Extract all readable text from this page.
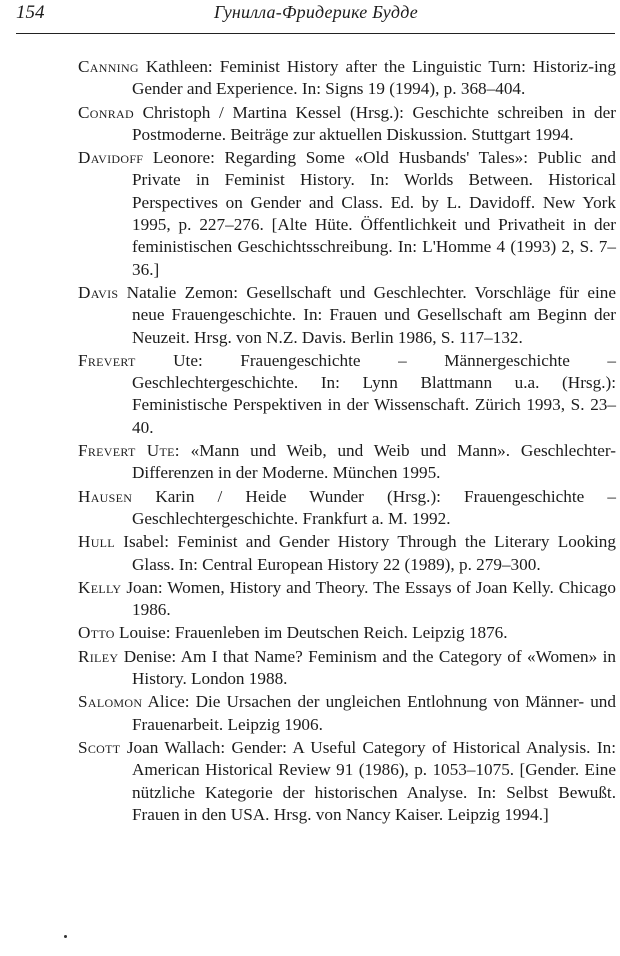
154	Гунилла-Фридерике Будде
Canning Kathleen: Feminist History after the Linguistic Turn: Historiz-ing Gender and Experience. In: Signs 19 (1994), p. 368–404.
Conrad Christoph / Martina Kessel (Hrsg.): Geschichte schreiben in der Postmoderne. Beiträge zur aktuellen Diskussion. Stuttgart 1994.
Davidoff Leonore: Regarding Some «Old Husbands' Tales»: Public and Private in Feminist History. In: Worlds Between. Historical Perspectives on Gender and Class. Ed. by L. Davidoff. New York 1995, p. 227–276. [Alte Hüte. Öffentlichkeit und Privatheit in der feministischen Geschichtsschreibung. In: L'Homme 4 (1993) 2, S. 7–36.]
Davis Natalie Zemon: Gesellschaft und Geschlechter. Vorschläge für eine neue Frauengeschichte. In: Frauen und Gesellschaft am Beginn der Neuzeit. Hrsg. von N.Z. Davis. Berlin 1986, S. 117–132.
Frevert Ute: Frauengeschichte – Männergeschichte – Geschlechtergeschichte. In: Lynn Blattmann u.a. (Hrsg.): Feministische Perspektiven in der Wissenschaft. Zürich 1993, S. 23–40.
Frevert Ute: «Mann und Weib, und Weib und Mann». Geschlechter-Differenzen in der Moderne. München 1995.
Hausen Karin / Heide Wunder (Hrsg.): Frauengeschichte – Geschlechtergeschichte. Frankfurt a. M. 1992.
Hull Isabel: Feminist and Gender History Through the Literary Looking Glass. In: Central European History 22 (1989), p. 279–300.
Kelly Joan: Women, History and Theory. The Essays of Joan Kelly. Chicago 1986.
Otto Louise: Frauenleben im Deutschen Reich. Leipzig 1876.
Riley Denise: Am I that Name? Feminism and the Category of «Women» in History. London 1988.
Salomon Alice: Die Ursachen der ungleichen Entlohnung von Männer- und Frauenarbeit. Leipzig 1906.
Scott Joan Wallach: Gender: A Useful Category of Historical Analysis. In: American Historical Review 91 (1986), p. 1053–1075. [Gender. Eine nützliche Kategorie der historischen Analyse. In: Selbst Bewußt. Frauen in den USA. Hrsg. von Nancy Kaiser. Leipzig 1994.]
